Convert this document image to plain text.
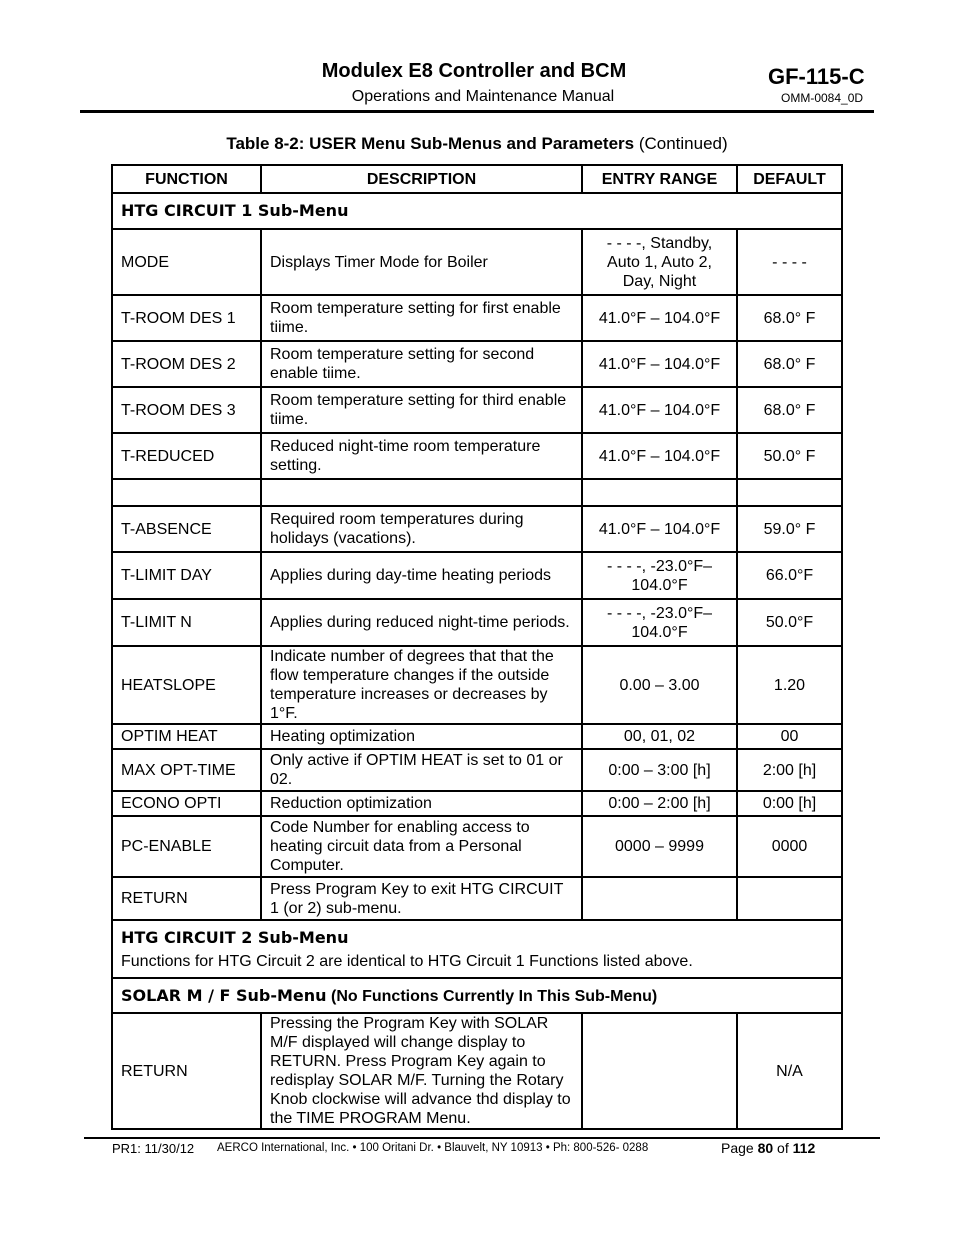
Modulex E8 Controller and BCM
Operations and Maintenance Manual
GF-115-C
OMM-0084_0D
Table 8-2: USER Menu Sub-Menus and Parameters (Continued)
FUNCTION	DESCRIPTION	ENTRY RANGE	DEFAULT
HTG CIRCUIT 1 Sub-Menu			
MODE	Displays Timer Mode for Boiler	- - - -, Standby, Auto 1, Auto 2, Day, Night	- - - -
T-ROOM DES 1	Room temperature setting for first enable tiime.	41.0°F – 104.0°F	68.0° F
T-ROOM DES 2	Room temperature setting for second enable tiime.	41.0°F – 104.0°F	68.0° F
T-ROOM DES 3	Room temperature setting for third enable tiime.	41.0°F – 104.0°F	68.0° F
T-REDUCED	Reduced night-time room temperature setting.	41.0°F – 104.0°F	50.0° F

T-ABSENCE	Required room temperatures during holidays (vacations).	41.0°F – 104.0°F	59.0° F
T-LIMIT DAY	Applies during day-time heating periods	- - - -, -23.0°F–104.0°F	66.0°F
T-LIMIT N	Applies during reduced night-time periods.	- - - -, -23.0°F–104.0°F	50.0°F
HEATSLOPE	Indicate number of degrees that that the flow temperature changes if the outside temperature increases or decreases by 1°F.	0.00 – 3.00	1.20
OPTIM HEAT	Heating optimization	00, 01, 02	00
MAX OPT-TIME	Only active if OPTIM HEAT is set to 01 or 02.	0:00 – 3:00 [h]	2:00 [h]
ECONO OPTI	Reduction optimization	0:00 – 2:00 [h]	0:00 [h]
PC-ENABLE	Code Number for enabling access to heating circuit data from a Personal Computer.	0000 – 9999	0000
RETURN	Press Program Key to exit HTG CIRCUIT 1 (or 2) sub-menu.		

HTG CIRCUIT 2 Sub-Menu
Functions for HTG Circuit 2 are identical to HTG Circuit 1 Functions listed above.			

SOLAR M / F Sub-Menu (No Functions Currently In This Sub-Menu)			
RETURN	Pressing the Program Key with SOLAR M/F displayed will change display to RETURN. Press Program Key again to redisplay SOLAR M/F. Turning the Rotary Knob clockwise will advance thd display to the TIME PROGRAM Menu.		N/A
PR1: 11/30/12 AERCO International, Inc. • 100 Oritani Dr. • Blauvelt, NY 10913 • Ph: 800-526- 0288	Page 80 of 112
